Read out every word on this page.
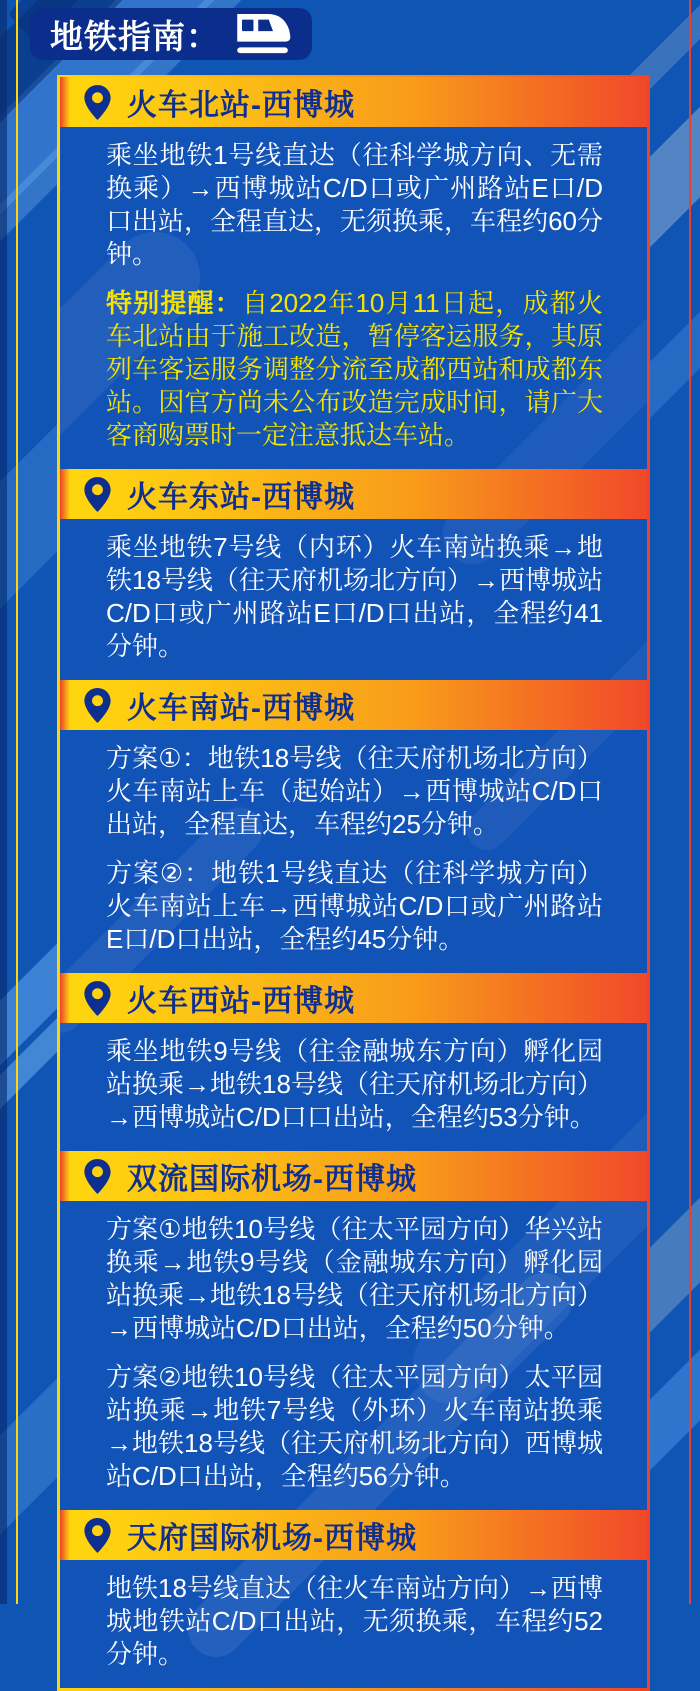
地铁指南：
火车北站-西博城

乘坐地铁1号线直达（往科学城方向、无需换乘）→西博城站C/D口或广州路站E口/D口出站，全程直达，无须换乘，车程约60分钟。

特别提醒：自2022年10月11日起，成都火车北站由于施工改造，暂停客运服务，其原列车客运服务调整分流至成都西站和成都东站。因官方尚未公布改造完成时间，请广大客商购票时一定注意抵达车站。

火车东站-西博城

乘坐地铁7号线（内环）火车南站换乘→地铁18号线（往天府机场北方向）→西博城站C/D口或广州路站E口/D口出站，全程约41分钟。

火车南站-西博城

方案①：地铁18号线（往天府机场北方向）火车南站上车（起始站）→西博城站C/D口出站，全程直达，车程约25分钟。

方案②：地铁1号线直达（往科学城方向）火车南站上车→西博城站C/D口或广州路站E口/D口出站，全程约45分钟。

火车西站-西博城

乘坐地铁9号线（往金融城东方向）孵化园站换乘→地铁18号线（往天府机场北方向）→西博城站C/D口口出站，全程约53分钟。

双流国际机场-西博城

方案①地铁10号线（往太平园方向）华兴站换乘→地铁9号线（金融城东方向）孵化园站换乘→地铁18号线（往天府机场北方向）→西博城站C/D口出站，全程约50分钟。

方案②地铁10号线（往太平园方向）太平园站换乘→地铁7号线（外环）火车南站换乘→地铁18号线（往天府机场北方向）西博城站C/D口出站，全程约56分钟。

天府国际机场-西博城

地铁18号线直达（往火车南站方向）→西博城地铁站C/D口出站，无须换乘，车程约52分钟。
